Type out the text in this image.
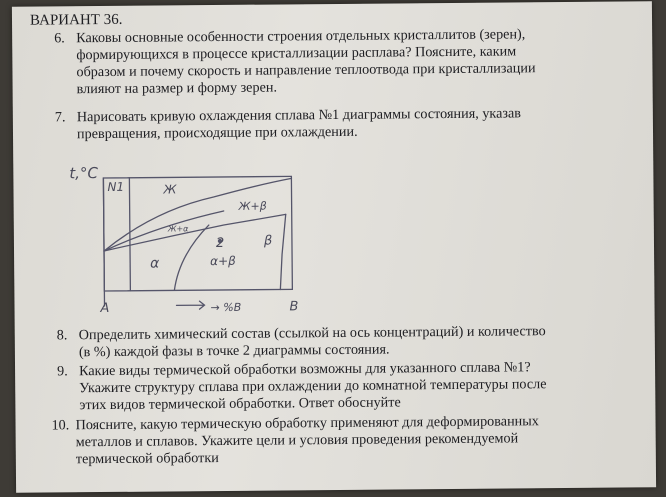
ВАРИАНТ 36.
6. Каковы основные особенности строения отдельных кристаллитов (зерен),
формирующихся в процессе кристаллизации расплава? Поясните, каким
образом и почему скорость и направление теплоотвода при кристаллизации
влияют на размер и форму зерен.
7. Нарисовать кривую охлаждения сплава №1 диаграммы состояния, указав
превращения, происходящие при охлаждении.
t,°C
N1	Ж
Ж+β
Ж+α
α
2
α+β
β
A	→ %B	B
8. Определить химический состав (ссылкой на ось концентраций) и количество
(в %) каждой фазы в точке 2 диаграммы состояния.
9. Какие виды термической обработки возможны для указанного сплава №1?
Укажите структуру сплава при охлаждении до комнатной температуры после
этих видов термической обработки. Ответ обоснуйте
10. Поясните, какую термическую обработку применяют для деформированных
металлов и сплавов. Укажите цели и условия проведения рекомендуемой
термической обработки
